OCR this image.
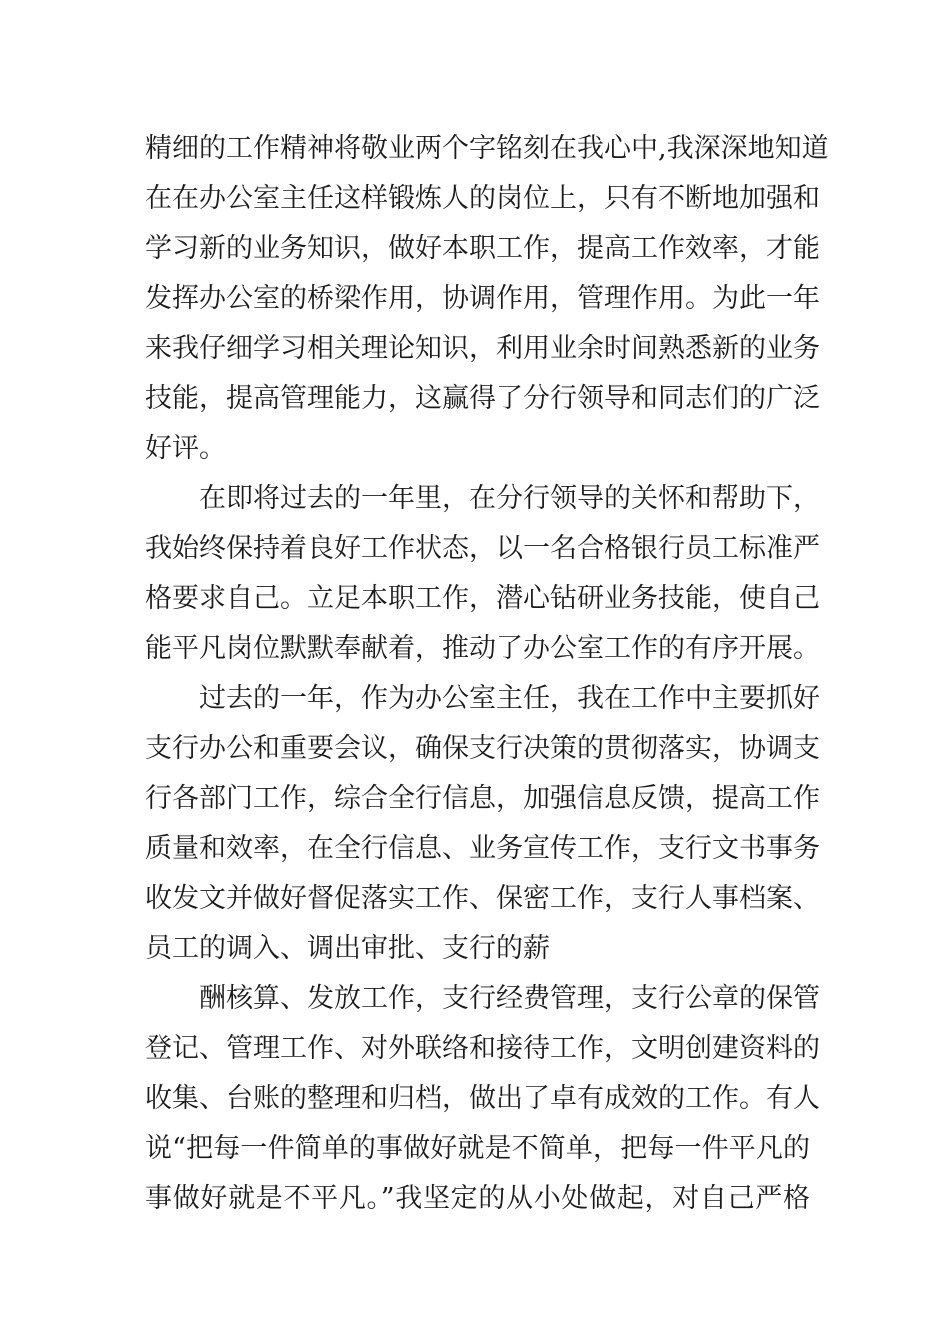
精细的工作精神将敬业两个字铭刻在我心中,我深深地知道
在在办公室主任这样锻炼人的岗位上，只有不断地加强和
学习新的业务知识，做好本职工作，提高工作效率，才能
发挥办公室的桥梁作用，协调作用，管理作用。为此一年
来我仔细学习相关理论知识，利用业余时间熟悉新的业务
技能，提高管理能力，这赢得了分行领导和同志们的广泛
好评。
在即将过去的一年里，在分行领导的关怀和帮助下，
我始终保持着良好工作状态，以一名合格银行员工标准严
格要求自己。立足本职工作，潜心钻研业务技能，使自己
能平凡岗位默默奉献着，推动了办公室工作的有序开展。
过去的一年，作为办公室主任，我在工作中主要抓好
支行办公和重要会议，确保支行决策的贯彻落实，协调支
行各部门工作，综合全行信息，加强信息反馈，提高工作
质量和效率，在全行信息、业务宣传工作，支行文书事务
收发文并做好督促落实工作、保密工作，支行人事档案、
员工的调入、调出审批、支行的薪
酬核算、发放工作，支行经费管理，支行公章的保管
登记、管理工作、对外联络和接待工作，文明创建资料的
收集、台账的整理和归档，做出了卓有成效的工作。有人
说“把每一件简单的事做好就是不简单，把每一件平凡的
事做好就是不平凡。”我坚定的从小处做起，对自己严格
